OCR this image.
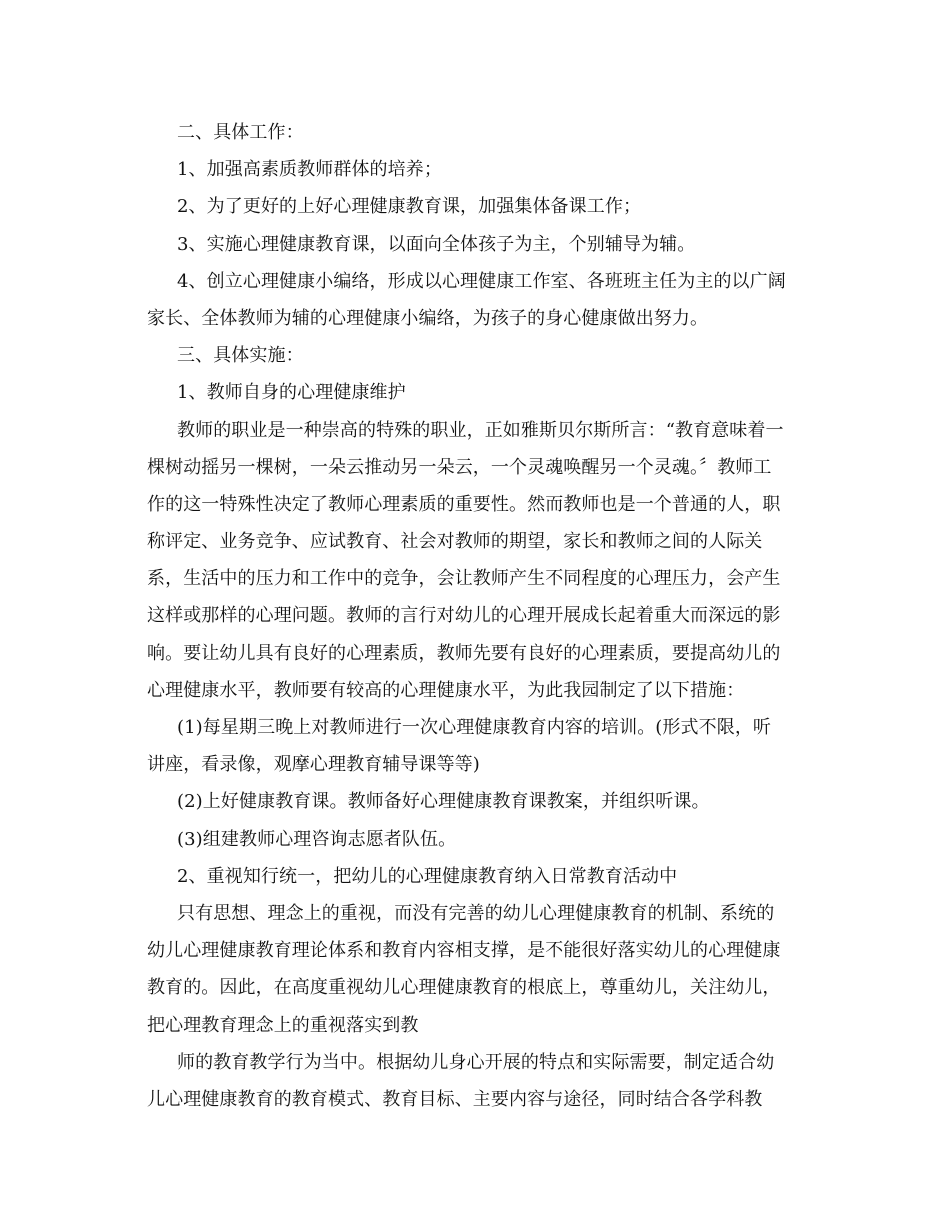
二、具体工作：
1、加强高素质教师群体的培养；
2、为了更好的上好心理健康教育课，加强集体备课工作；
3、实施心理健康教育课，以面向全体孩子为主，个别辅导为辅。
4、创立心理健康小编络，形成以心理健康工作室、各班班主任为主的以广阔
家长、全体教师为辅的心理健康小编络，为孩子的身心健康做出努力。
三、具体实施：
1、教师自身的心理健康维护
教师的职业是一种崇高的特殊的职业，正如雅斯贝尔斯所言：“教育意味着一
棵树动摇另一棵树，一朵云推动另一朵云，一个灵魂唤醒另一个灵魂。〞教师工
作的这一特殊性决定了教师心理素质的重要性。然而教师也是一个普通的人，职
称评定、业务竞争、应试教育、社会对教师的期望，家长和教师之间的人际关
系，生活中的压力和工作中的竞争，会让教师产生不同程度的心理压力，会产生
这样或那样的心理问题。教师的言行对幼儿的心理开展成长起着重大而深远的影
响。要让幼儿具有良好的心理素质，教师先要有良好的心理素质，要提高幼儿的
心理健康水平，教师要有较高的心理健康水平，为此我园制定了以下措施：
(1)每星期三晚上对教师进行一次心理健康教育内容的培训。(形式不限，听
讲座，看录像，观摩心理教育辅导课等等)
(2)上好健康教育课。教师备好心理健康教育课教案，并组织听课。
(3)组建教师心理咨询志愿者队伍。
2、重视知行统一，把幼儿的心理健康教育纳入日常教育活动中
只有思想、理念上的重视，而没有完善的幼儿心理健康教育的机制、系统的
幼儿心理健康教育理论体系和教育内容相支撑，是不能很好落实幼儿的心理健康
教育的。因此，在高度重视幼儿心理健康教育的根底上，尊重幼儿，关注幼儿，
把心理教育理念上的重视落实到教
师的教育教学行为当中。根据幼儿身心开展的特点和实际需要，制定适合幼
儿心理健康教育的教育模式、教育目标、主要内容与途径，同时结合各学科教
